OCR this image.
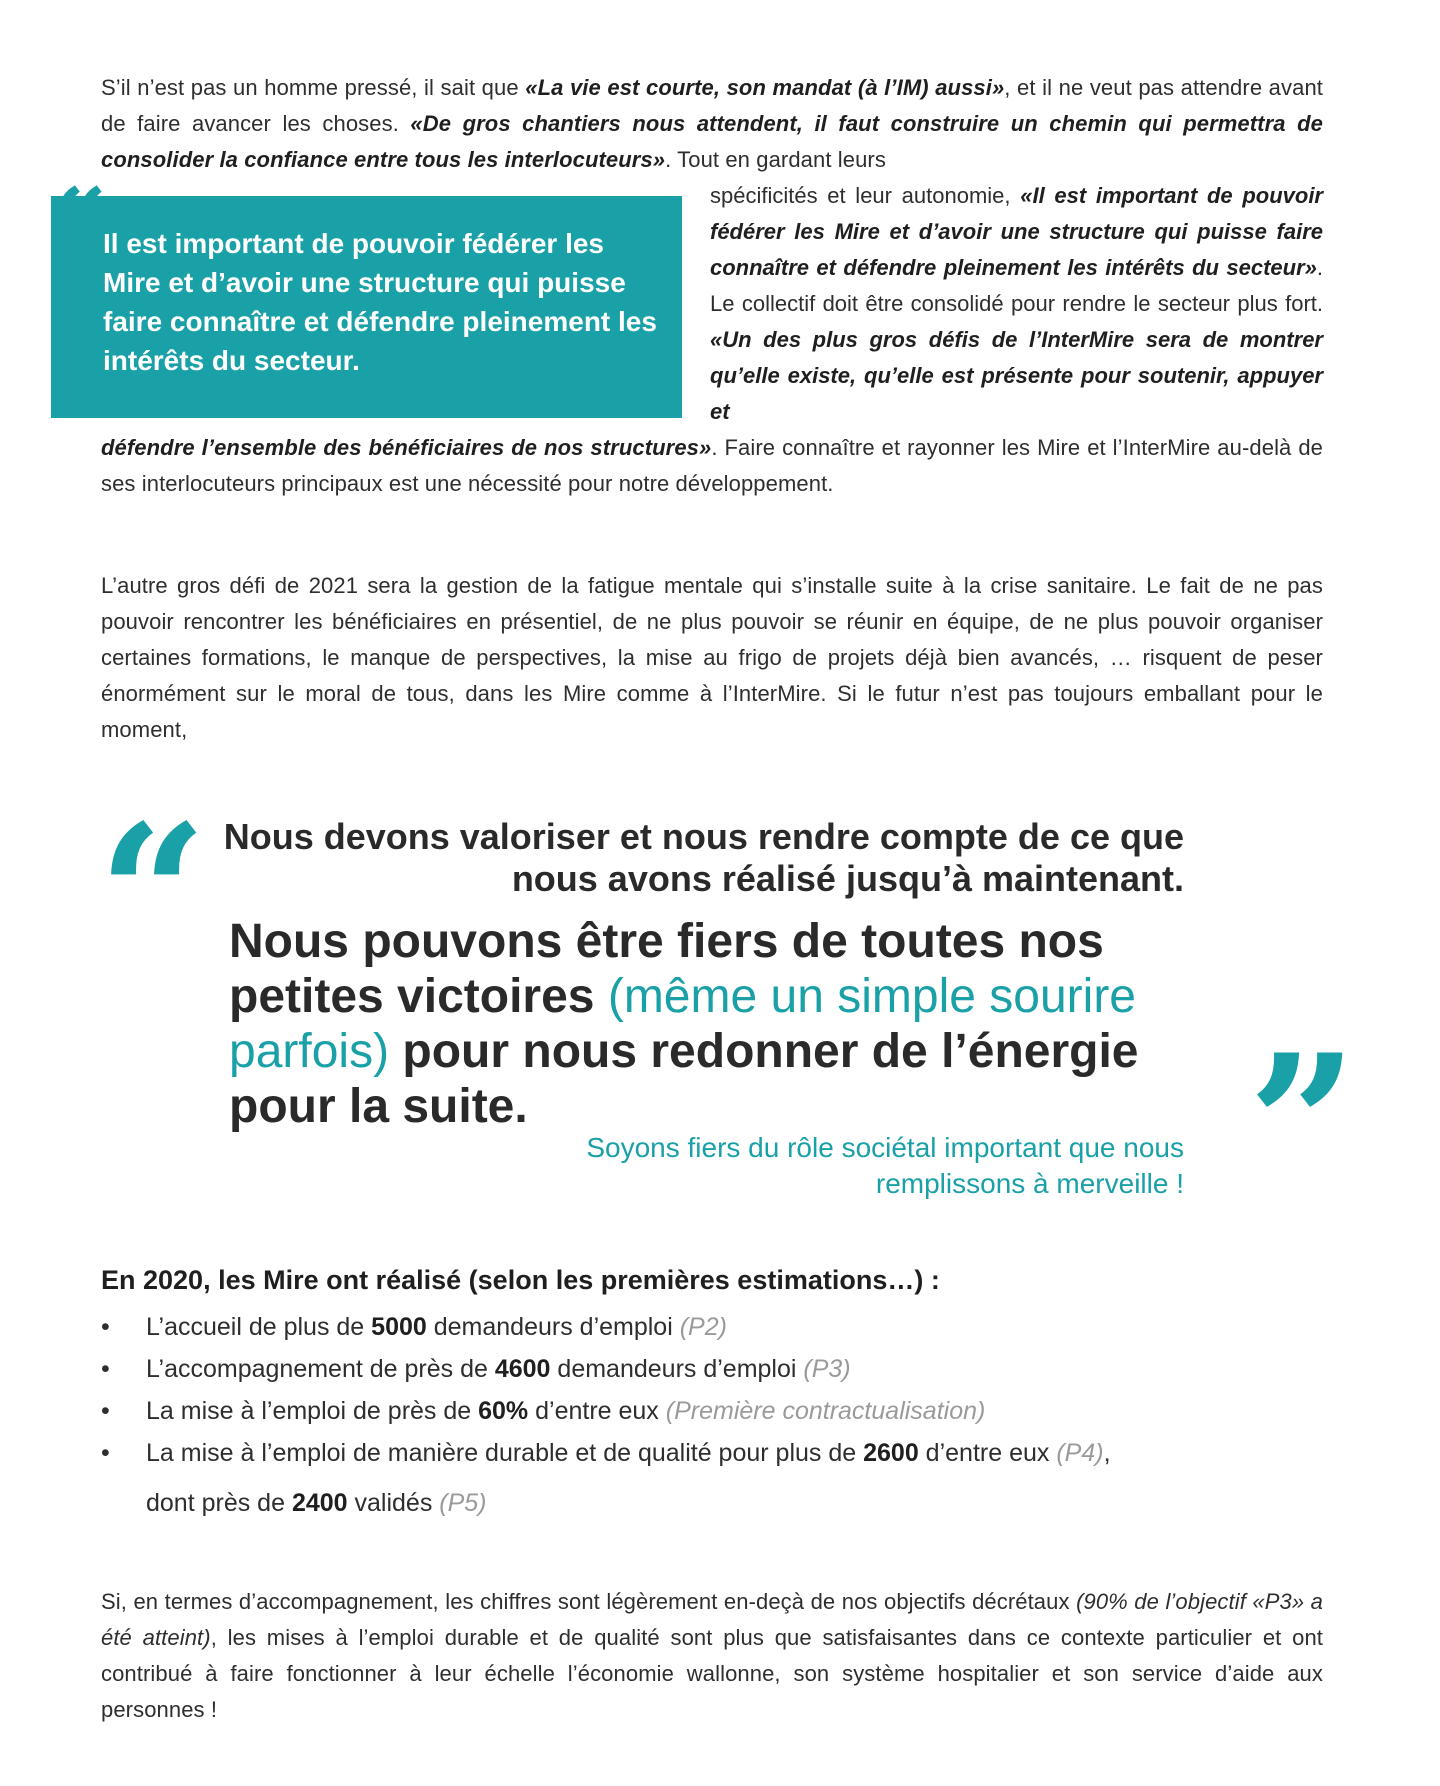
S’il n’est pas un homme pressé, il sait que «La vie est courte, son mandat (à l’IM) aussi», et il ne veut pas attendre avant de faire avancer les choses. «De gros chantiers nous attendent, il faut construire un chemin qui permettra de consolider la confiance entre tous les interlocuteurs». Tout en gardant leurs

Il est important de pouvoir fédérer les Mire et d’avoir une structure qui puisse faire connaître et défendre pleinement les intérêts du secteur.
“
”

spécificités et leur autonomie, «Il est important de pouvoir fédérer les Mire et d’avoir une structure qui puisse faire connaître et défendre pleinement les intérêts du secteur». Le collectif doit être consolidé pour rendre le secteur plus fort. «Un des plus gros défis de l’InterMire sera de montrer qu’elle existe, qu’elle est présente pour soutenir, appuyer et

défendre l’ensemble des bénéficiaires de nos structures». Faire connaître et rayonner les Mire et l’InterMire au-delà de ses interlocuteurs principaux est une nécessité pour notre développement.

L’autre gros défi de 2021 sera la gestion de la fatigue mentale qui s’installe suite à la crise sanitaire. Le fait de ne pas pouvoir rencontrer les bénéficiaires en présentiel, de ne plus pouvoir se réunir en équipe, de ne plus pouvoir organiser certaines formations, le manque de perspectives, la mise au frigo de projets déjà bien avancés, … risquent de peser énormément sur le moral de tous, dans les Mire comme à l’InterMire. Si le futur n’est pas toujours emballant pour le moment,

“ Nous devons valoriser et nous rendre compte de ce que nous avons réalisé jusqu’à maintenant.

Nous pouvons être fiers de toutes nos petites victoires (même un simple sourire parfois) pour nous redonner de l’énergie pour la suite.	”

Soyons fiers du rôle sociétal important que nous remplissons à merveille !

En 2020, les Mire ont réalisé (selon les premières estimations…) :

• L’accueil de plus de 5000 demandeurs d’emploi (P2)
• L’accompagnement de près de 4600 demandeurs d’emploi (P3)
• La mise à l’emploi de près de 60% d’entre eux (Première contractualisation)
• La mise à l’emploi de manière durable et de qualité pour plus de 2600 d’entre eux (P4),
dont près de 2400 validés (P5)

Si, en termes d’accompagnement, les chiffres sont légèrement en-deçà de nos objectifs décrétaux (90% de l’objectif «P3» a été atteint), les mises à l’emploi durable et de qualité sont plus que satisfaisantes dans ce contexte particulier et ont contribué à faire fonctionner à leur échelle l’économie wallonne, son système hospitalier et son service d’aide aux personnes !
